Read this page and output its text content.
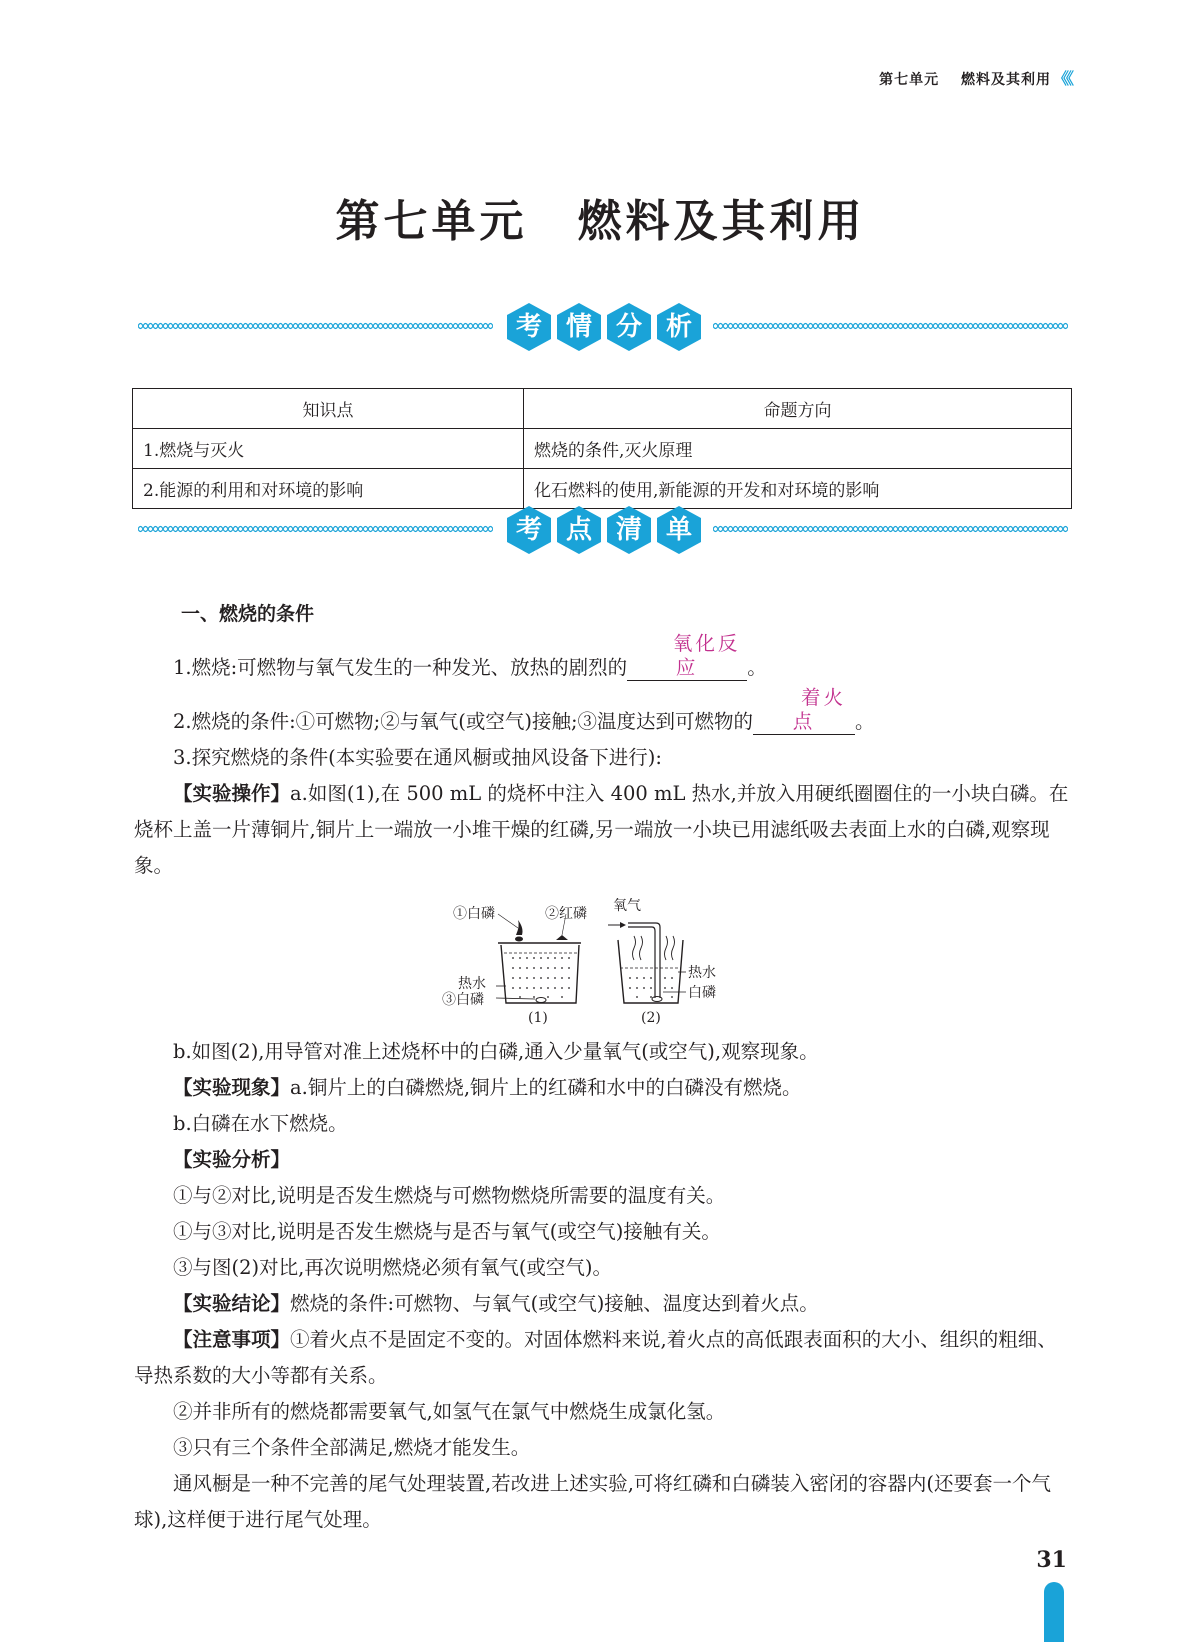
第七单元 燃料及其利用 《《
第七单元 燃料及其利用
考 情 分 析
知识点	命题方向
1.燃烧与灭火	燃烧的条件,灭火原理
2.能源的利用和对环境的影响	化石燃料的使用,新能源的开发和对环境的影响
考 点 清 单

一、燃烧的条件

1.燃烧:可燃物与氧气发生的一种发光、放热的剧烈的氧化反应	。

2.燃烧的条件:①可燃物;②与氧气(或空气)接触;③温度达到可燃物的着火点 。

3.探究燃烧的条件(本实验要在通风橱或抽风设备下进行):

【实验操作】a.如图(1),在 500 mL 的烧杯中注入 400 mL 热水,并放入用硬纸圈圈住的一小块白磷。在烧杯上盖一片薄铜片,铜片上一端放一小堆干燥的红磷,另一端放一小块已用滤纸吸去表面上水的白磷,观察现象。

①白磷	②红磷
热水
③白磷
(1)
氧气
热水
白磷
(2)

b.如图(2),用导管对准上述烧杯中的白磷,通入少量氧气(或空气),观察现象。

【实验现象】a.铜片上的白磷燃烧,铜片上的红磷和水中的白磷没有燃烧。

b.白磷在水下燃烧。

【实验分析】

①与②对比,说明是否发生燃烧与可燃物燃烧所需要的温度有关。

①与③对比,说明是否发生燃烧与是否与氧气(或空气)接触有关。

③与图(2)对比,再次说明燃烧必须有氧气(或空气)。

【实验结论】燃烧的条件:可燃物、与氧气(或空气)接触、温度达到着火点。

【注意事项】①着火点不是固定不变的。对固体燃料来说,着火点的高低跟表面积的大小、组织的粗细、导热系数的大小等都有关系。

②并非所有的燃烧都需要氧气,如氢气在氯气中燃烧生成氯化氢。

③只有三个条件全部满足,燃烧才能发生。

通风橱是一种不完善的尾气处理装置,若改进上述实验,可将红磷和白磷装入密闭的容器内(还要套一个气球),这样便于进行尾气处理。

31
